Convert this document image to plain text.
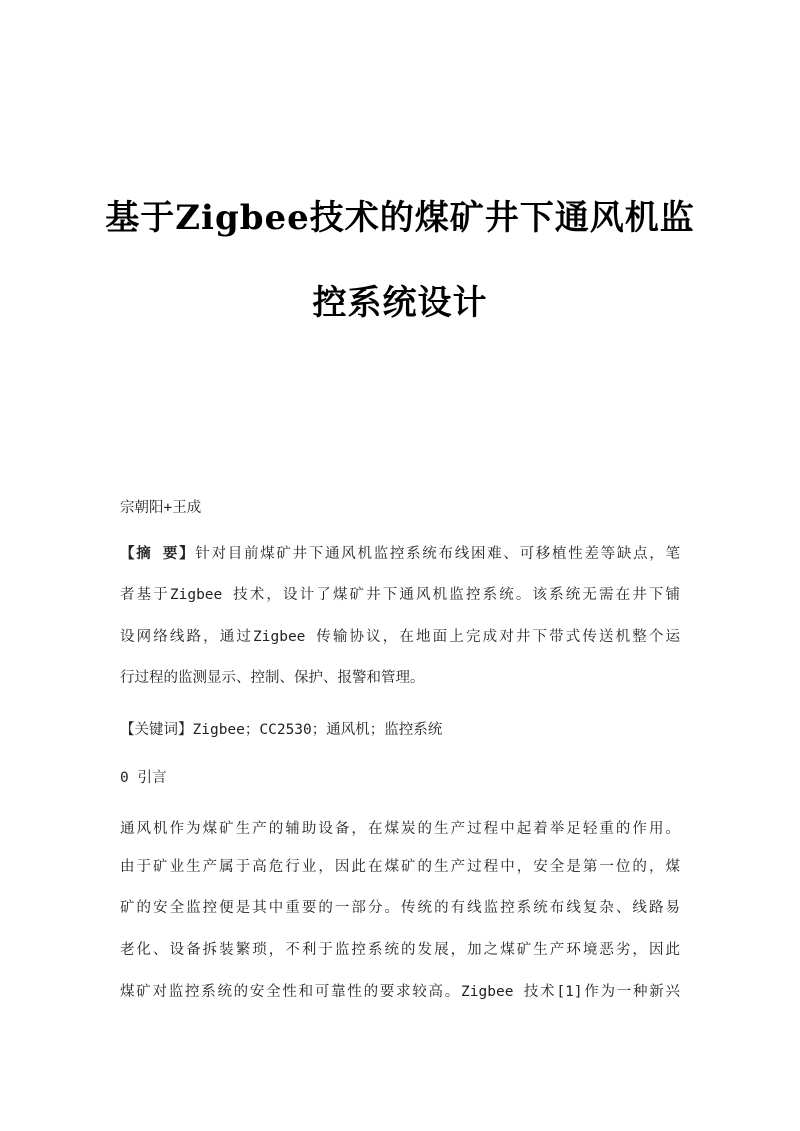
基于Zigbee技术的煤矿井下通风机监
控系统设计
宗朝阳+王成
【摘 要】针对目前煤矿井下通风机监控系统布线困难、可移植性差等缺点，笔
者基于Zigbee 技术，设计了煤矿井下通风机监控系统。该系统无需在井下铺
设网络线路，通过Zigbee 传输协议，在地面上完成对井下带式传送机整个运
行过程的监测显示、控制、保护、报警和管理。
【关键词】Zigbee；CC2530；通风机；监控系统
0 引言
通风机作为煤矿生产的辅助设备，在煤炭的生产过程中起着举足轻重的作用。
由于矿业生产属于高危行业，因此在煤矿的生产过程中，安全是第一位的，煤
矿的安全监控便是其中重要的一部分。传统的有线监控系统布线复杂、线路易
老化、设备拆装繁琐，不利于监控系统的发展，加之煤矿生产环境恶劣，因此
煤矿对监控系统的安全性和可靠性的要求较高。Zigbee 技术[1]作为一种新兴
